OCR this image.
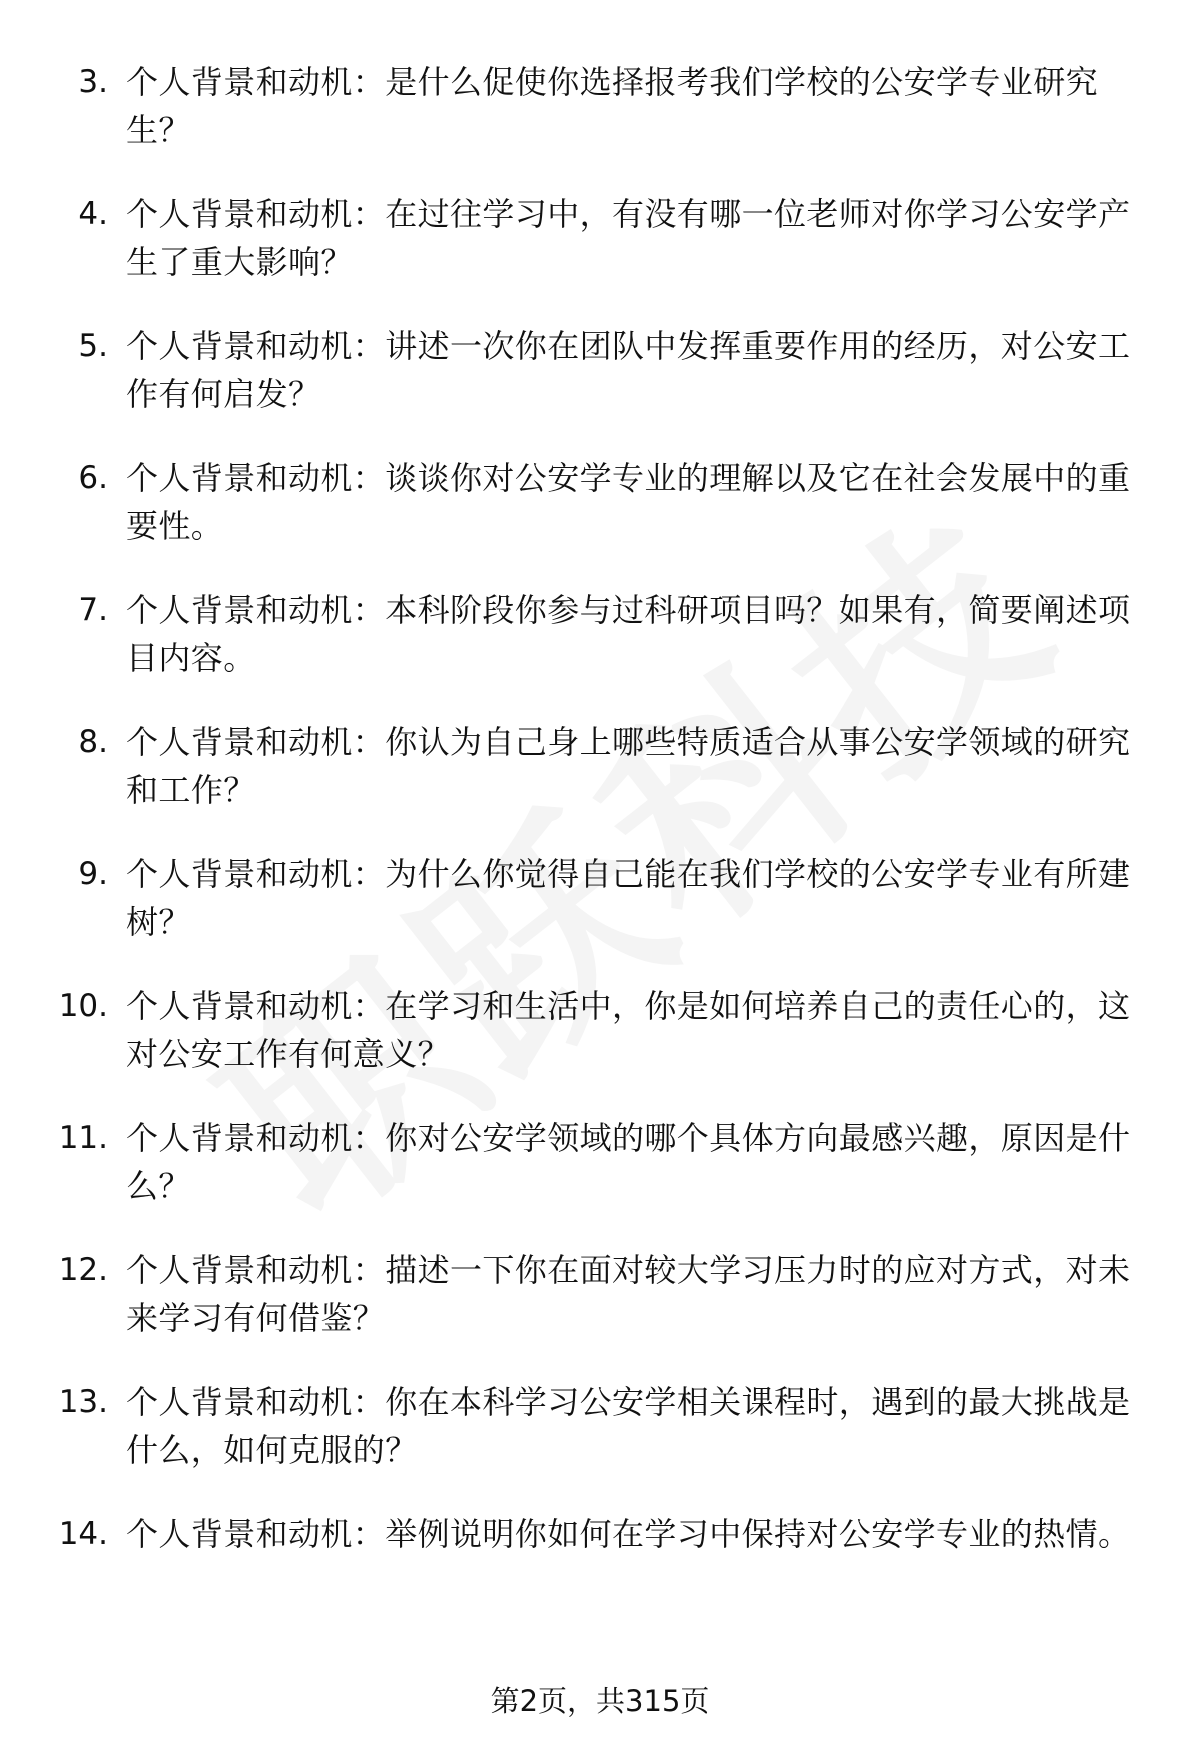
3. 个人背景和动机：是什么促使你选择报考我们学校的公安学专业研究生？
4. 个人背景和动机：在过往学习中，有没有哪一位老师对你学习公安学产生了重大影响？
5. 个人背景和动机：讲述一次你在团队中发挥重要作用的经历，对公安工作有何启发？
6. 个人背景和动机：谈谈你对公安学专业的理解以及它在社会发展中的重要性。
7. 个人背景和动机：本科阶段你参与过科研项目吗？如果有，简要阐述项目内容。
8. 个人背景和动机：你认为自己身上哪些特质适合从事公安学领域的研究和工作？
9. 个人背景和动机：为什么你觉得自己能在我们学校的公安学专业有所建树？
10. 个人背景和动机：在学习和生活中，你是如何培养自己的责任心的，这对公安工作有何意义？
11. 个人背景和动机：你对公安学领域的哪个具体方向最感兴趣，原因是什么？
12. 个人背景和动机：描述一下你在面对较大学习压力时的应对方式，对未来学习有何借鉴？
13. 个人背景和动机：你在本科学习公安学相关课程时，遇到的最大挑战是什么，如何克服的？
14. 个人背景和动机：举例说明你如何在学习中保持对公安学专业的热情。
第2页，共315页
